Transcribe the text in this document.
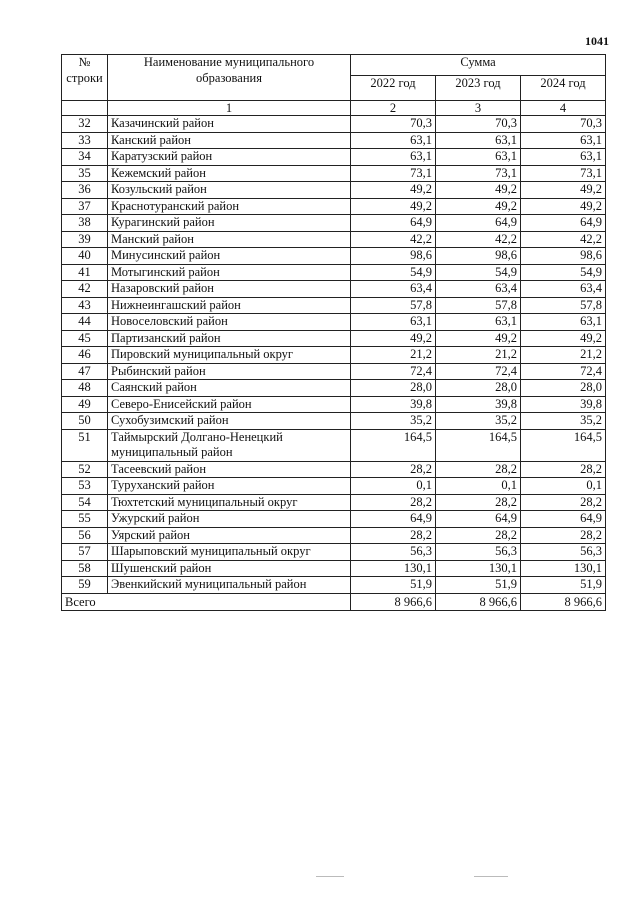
1041
№ строки	Наименование муниципального образования	Сумма		
		2022 год	2023 год	2024 год
	1	2	3	4
32	Казачинский район	70,3	70,3	70,3
33	Канский район	63,1	63,1	63,1
34	Каратузский район	63,1	63,1	63,1
35	Кежемский район	73,1	73,1	73,1
36	Козульский район	49,2	49,2	49,2
37	Краснотуранский район	49,2	49,2	49,2
38	Курагинский район	64,9	64,9	64,9
39	Манский район	42,2	42,2	42,2
40	Минусинский район	98,6	98,6	98,6
41	Мотыгинский район	54,9	54,9	54,9
42	Назаровский район	63,4	63,4	63,4
43	Нижнеингашский район	57,8	57,8	57,8
44	Новоселовский район	63,1	63,1	63,1
45	Партизанский район	49,2	49,2	49,2
46	Пировский муниципальный округ	21,2	21,2	21,2
47	Рыбинский район	72,4	72,4	72,4
48	Саянский район	28,0	28,0	28,0
49	Северо-Енисейский район	39,8	39,8	39,8
50	Сухобузимский район	35,2	35,2	35,2
51	Таймырский Долгано-Ненецкий муниципальный район	164,5	164,5	164,5
52	Тасеевский район	28,2	28,2	28,2
53	Туруханский район	0,1	0,1	0,1
54	Тюхтетский муниципальный округ	28,2	28,2	28,2
55	Ужурский район	64,9	64,9	64,9
56	Уярский район	28,2	28,2	28,2
57	Шарыповский муниципальный округ	56,3	56,3	56,3
58	Шушенский район	130,1	130,1	130,1
59	Эвенкийский муниципальный район	51,9	51,9	51,9
Всего		8 966,6	8 966,6	8 966,6
